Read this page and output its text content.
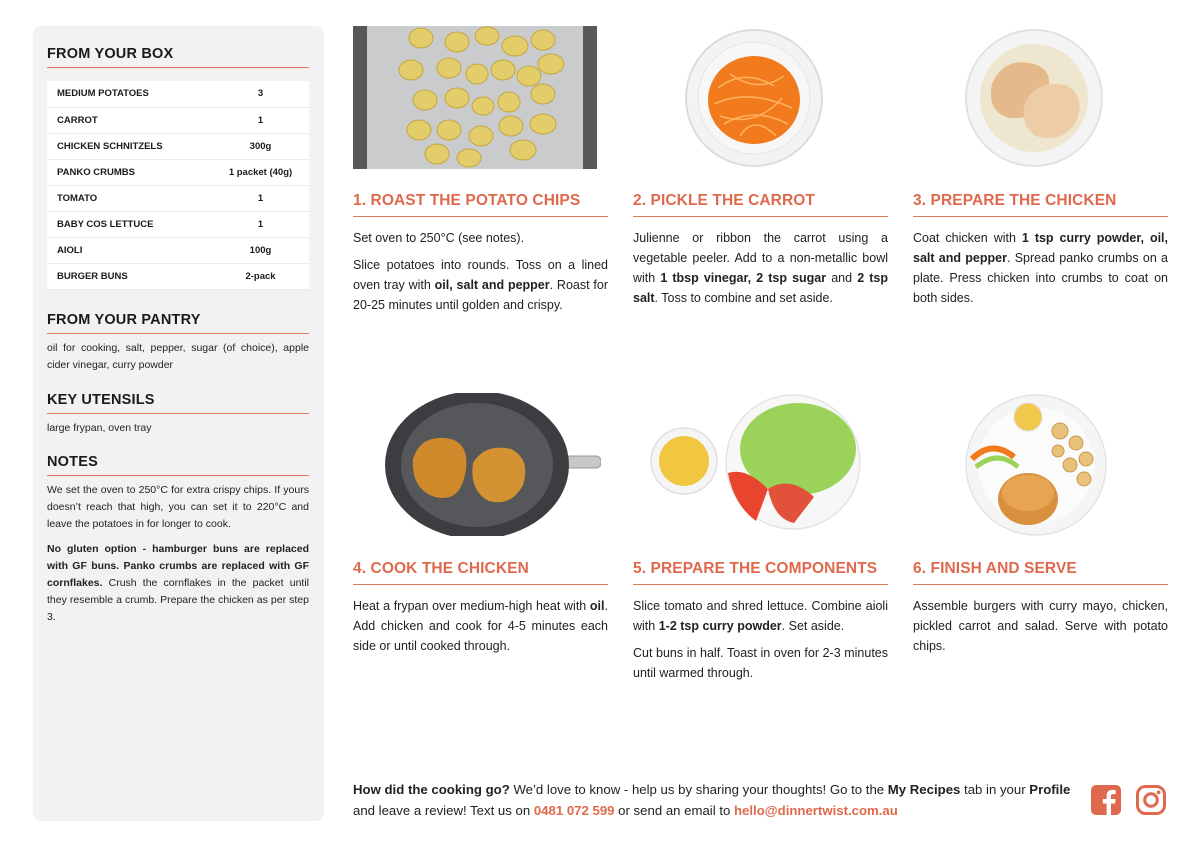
FROM YOUR BOX
MEDIUM POTATOES	3
CARROT	1
CHICKEN SCHNITZELS	300g
PANKO CRUMBS	1 packet (40g)
TOMATO	1
BABY COS LETTUCE	1
AIOLI	100g
BURGER BUNS	2-pack
FROM YOUR PANTRY
oil for cooking, salt, pepper, sugar (of choice), apple cider vinegar, curry powder
KEY UTENSILS
large frypan, oven tray
NOTES

We set the oven to 250°C for extra crispy chips. If yours doesn’t reach that high, you can set it to 220°C and leave the potatoes in for longer to cook.

No gluten option - hamburger buns are replaced with GF buns. Panko crumbs are replaced with GF cornflakes. Crush the cornflakes in the packet until they resemble a crumb. Prepare the chicken as per step 3.

1. ROAST THE POTATO CHIPS

Set oven to 250°C (see notes).

Slice potatoes into rounds. Toss on a lined oven tray with oil, salt and pepper. Roast for 20-25 minutes until golden and crispy.

2. PICKLE THE CARROT

Julienne or ribbon the carrot using a vegetable peeler. Add to a non-metallic bowl with 1 tbsp vinegar, 2 tsp sugar and 2 tsp salt. Toss to combine and set aside.

3. PREPARE THE CHICKEN

Coat chicken with 1 tsp curry powder, oil, salt and pepper. Spread panko crumbs on a plate. Press chicken into crumbs to coat on both sides.

4. COOK THE CHICKEN

Heat a frypan over medium-high heat with oil. Add chicken and cook for 4-5 minutes each side or until cooked through.

5. PREPARE THE COMPONENTS

Slice tomato and shred lettuce. Combine aioli with 1-2 tsp curry powder. Set aside.

Cut buns in half. Toast in oven for 2-3 minutes until warmed through.

6. FINISH AND SERVE

Assemble burgers with curry mayo, chicken, pickled carrot and salad. Serve with potato chips.

How did the cooking go? We’d love to know - help us by sharing your thoughts! Go to the My Recipes tab in your Profile and leave a review! Text us on 0481 072 599 or send an email to hello@dinnertwist.com.au
